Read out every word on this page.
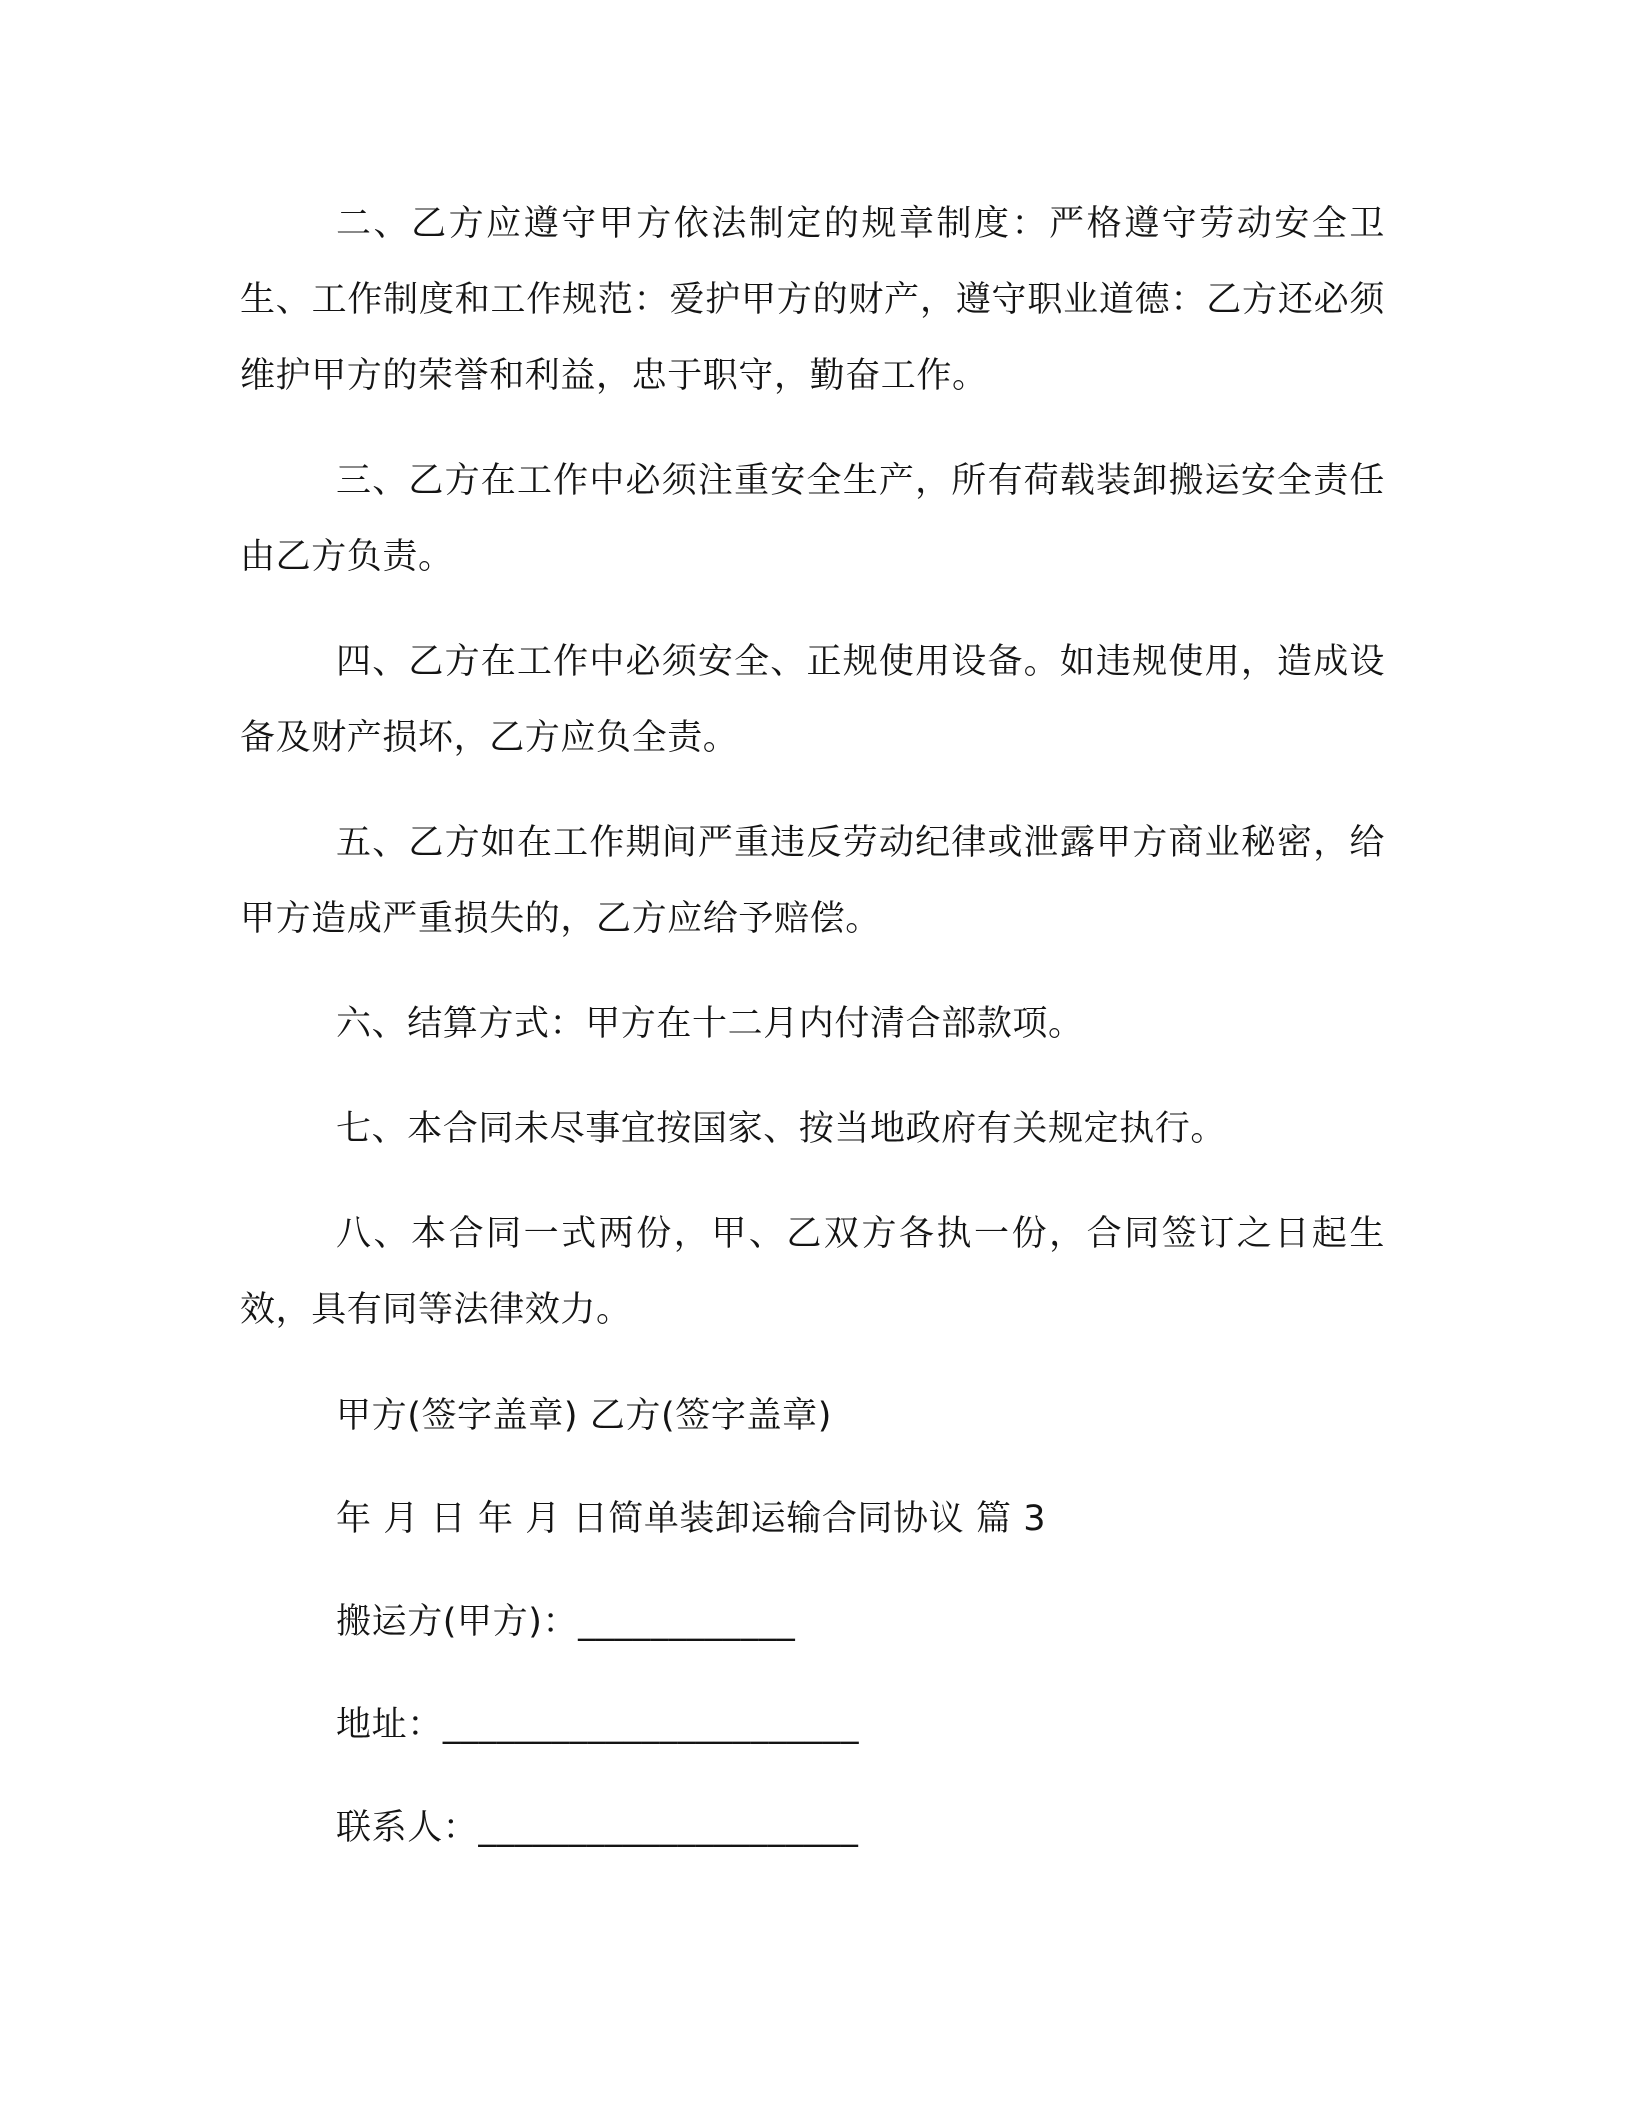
二、乙方应遵守甲方依法制定的规章制度：严格遵守劳动安全卫生、工作制度和工作规范：爱护甲方的财产，遵守职业道德：乙方还必须维护甲方的荣誉和利益，忠于职守，勤奋工作。

三、乙方在工作中必须注重安全生产，所有荷载装卸搬运安全责任由乙方负责。

四、乙方在工作中必须安全、正规使用设备。如违规使用，造成设备及财产损坏，乙方应负全责。

五、乙方如在工作期间严重违反劳动纪律或泄露甲方商业秘密，给甲方造成严重损失的，乙方应给予赔偿。

六、结算方式：甲方在十二月内付清合部款项。

七、本合同未尽事宜按国家、按当地政府有关规定执行。

八、本合同一式两份，甲、乙双方各执一份，合同签订之日起生效，具有同等法律效力。

甲方(签字盖章) 乙方(签字盖章)
年 月 日 年 月 日简单装卸运输合同协议 篇 3
搬运方(甲方)：____________
地址：_______________________
联系人：_____________________
